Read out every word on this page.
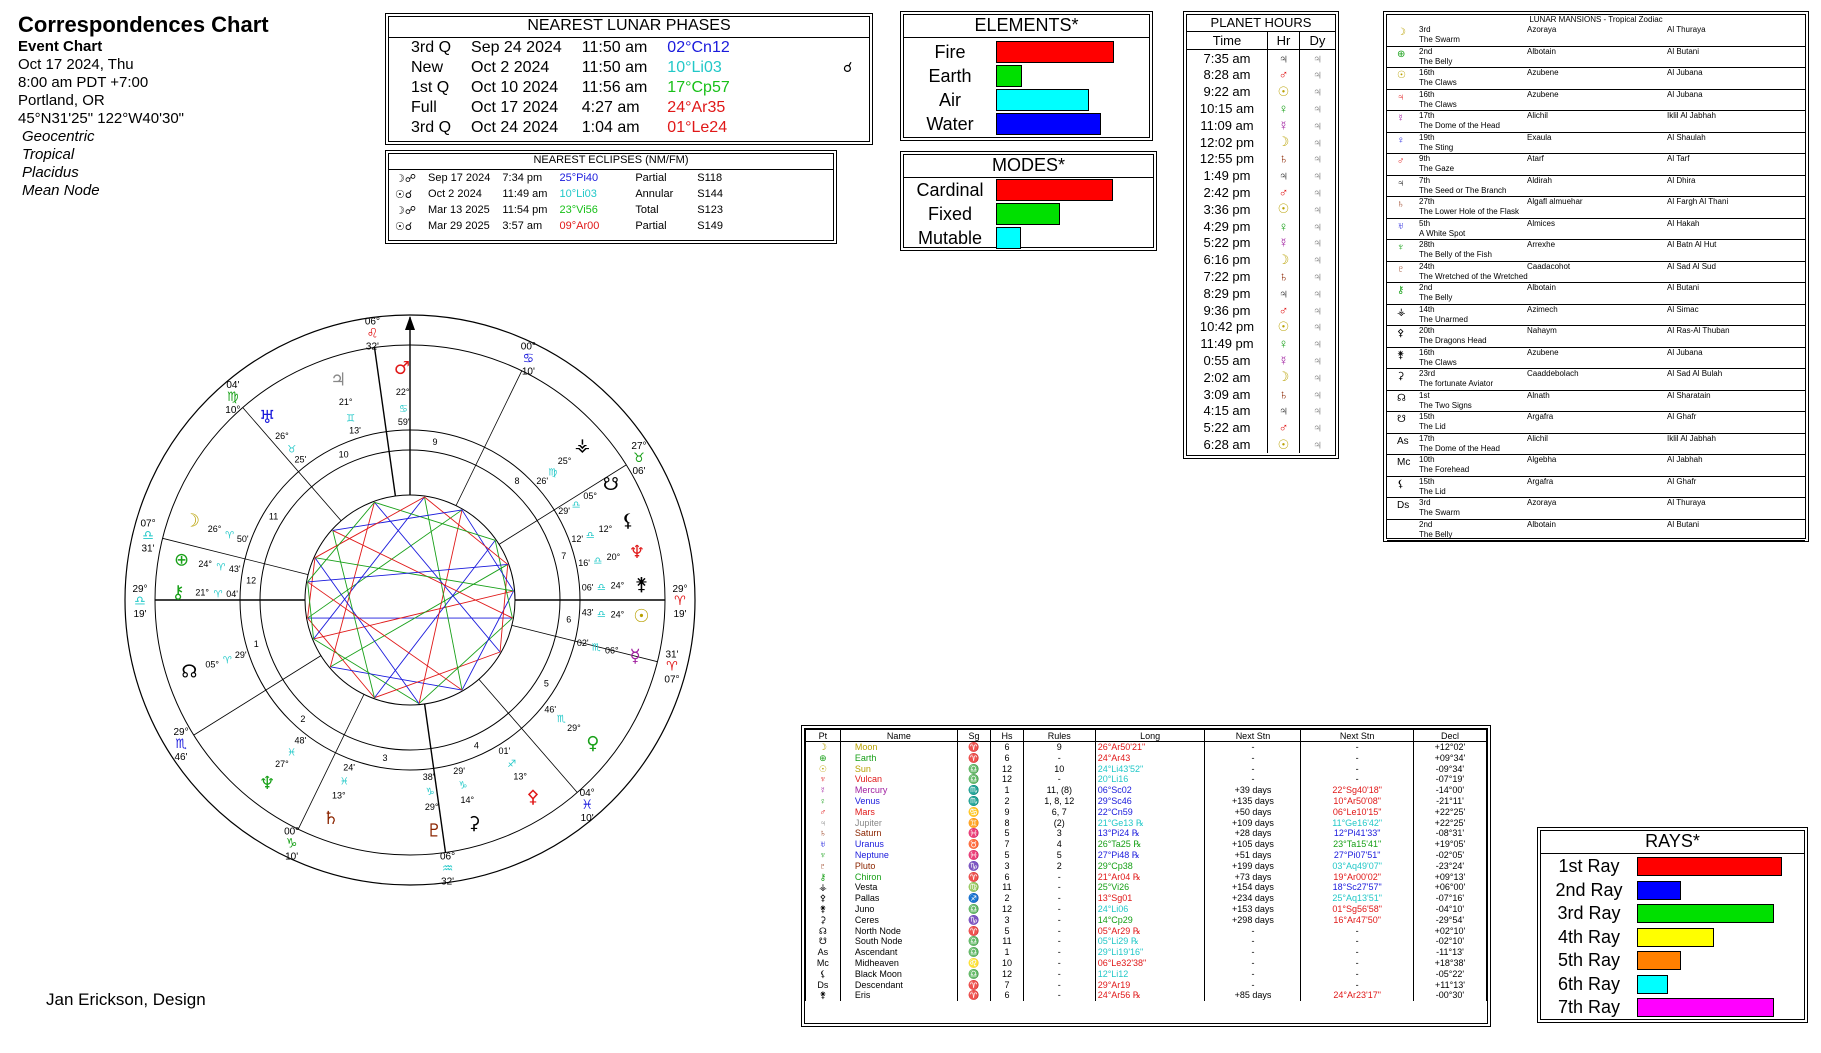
Correspondences Chart
Event Chart
Oct 17 2024, Thu
8:00 am PDT +7:00
Portland, OR
45°N31'25" 122°W40'30"
Geocentric
Tropical
Placidus
Mean Node
Jan Erickson, Design
NEAREST LUNAR PHASES
3rd Q	Sep 24 2024	11:50 am	02°Cn12
New	Oct 2 2024	11:50 am	10°Li03
1st Q	Oct 10 2024	11:56 am	17°Cp57
Full	Oct 17 2024	4:27 am	24°Ar35
3rd Q	Oct 24 2024	1:04 am	01°Le24
☌
NEAREST ECLIPSES (NM/FM)
☽☍	Sep 17 2024	7:34 pm	25°Pi40	Partial	S118
☉☌	Oct 2 2024	11:49 am	10°Li03	Annular	S144
☽☍	Mar 13 2025	11:54 pm	23°Vi56	Total	S123
☉☌	Mar 29 2025	3:57 am	09°Ar00	Partial	S149
ELEMENTS*
Fire
Earth
Air
Water
MODES*
Cardinal
Fixed
Mutable
PLANET HOURS
Time	Hr	Dy
7:35 am	♃	♃
8:28 am	♂	♃
9:22 am	☉	♃
10:15 am	♀	♃
11:09 am	☿	♃
12:02 pm	☽	♃
12:55 pm	♄	♃
1:49 pm	♃	♃
2:42 pm	♂	♃
3:36 pm	☉	♃
4:29 pm	♀	♃
5:22 pm	☿	♃
6:16 pm	☽	♃
7:22 pm	♄	♃
8:29 pm	♃	♃
9:36 pm	♂	♃
10:42 pm	☉	♃
11:49 pm	♀	♃
0:55 am	☿	♃
2:02 am	☽	♃
3:09 am	♄	♃
4:15 am	♃	♃
5:22 am	♂	♃
6:28 am	☉	♃
LUNAR MANSIONS - Tropical Zodiac
☽ 3rd	Azoraya	Al Thuraya
The Swarm
⊕ 2nd	Albotain	Al Butani
The Belly
☉ 16th	Azubene	Al Jubana
The Claws
♃ 16th	Azubene	Al Jubana
The Claws
☿ 17th	Alichil	Iklil Al Jabhah
The Dome of the Head
♀ 19th	Exaula	Al Shaulah
The Sting
♂ 9th	Atarf	Al Tarf
The Gaze
♃ 7th	Aldirah	Al Dhira
The Seed or The Branch
♄ 27th	Algafl almuehar	Al Fargh Al Thani
The Lower Hole of the Flask
♅ 5th	Almices	Al Hakah
A White Spot
♆ 28th	Arrexhe	Al Batn Al Hut
The Belly of the Fish
♇ 24th	Caadacohot	Al Sad Al Sud
The Wretched of the Wretched
⚷ 2nd	Albotain	Al Butani
The Belly
⚶ 14th	Azimech	Al Simac
The Unarmed
⚴ 20th	Nahaym	Al Ras-Al Thuban
The Dragons Head
⚵ 16th	Azubene	Al Jubana
The Claws
⚳ 23rd	Caaddebolach	Al Sad Al Bulah
The fortunate Aviator
☊ 1st	Alnath	Al Sharatain
The Two Signs
☋ 15th	Argafra	Al Ghafr
The Lid
As 17th	Alichil	Iklil Al Jabhah
The Dome of the Head
Mc 10th	Algebha	Al Jabhah
The Forehead
⚸ 15th	Argafra	Al Ghafr
The Lid
Ds 3rd	Azoraya	Al Thuraya
The Swarm
2nd	Albotain	Al Butani
The Belly
Pt	Name	Sg	Hs	Rules	Long	Next Stn	Next Stn	Decl
☽	Moon	♈	6	9	26°Ar50'21"	-	-	+12°02'
⊕	Earth	♈	6	-	24°Ar43	-	-	+09°34'
☉	Sun	♎	12	10	24°Li43'52"	-	-	-09°34'
♆	Vulcan	♎	12	-	20°Li16	-	-	-07°19'
☿	Mercury	♏	1	11, (8)	06°Sc02	+39 days	22°Sg40'18"	-14°00'
♀	Venus	♏	2	1, 8, 12	29°Sc46	+135 days	10°Ar50'08"	-21°11'
♂	Mars	♋	9	6, 7	22°Cn59	+50 days	06°Le10'15"	+22°25'
♃	Jupiter	♊	8	(2)	21°Ge13 ℞	+109 days	11°Ge16'42"	+22°25'
♄	Saturn	♓	5	3	13°Pi24 ℞	+28 days	12°Pi41'33"	-08°31'
♅	Uranus	♉	7	4	26°Ta25 ℞	+105 days	23°Ta15'41"	+19°05'
♆	Neptune	♓	5	5	27°Pi48 ℞	+51 days	27°Pi07'51"	-02°05'
♇	Pluto	♑	3	2	29°Cp38	+199 days	03°Aq49'07"	-23°24'
⚷	Chiron	♈	6	-	21°Ar04 ℞	+73 days	19°Ar00'02"	+09°13'
⚶	Vesta	♍	11	-	25°Vi26	+154 days	18°Sc27'57"	+06°00'
⚴	Pallas	♐	2	-	13°Sg01	+234 days	25°Aq13'51"	-07°16'
⚵	Juno	♎	12	-	24°Li06	+153 days	01°Sg56'58"	-04°10'
⚳	Ceres	♑	3	-	14°Cp29	+298 days	16°Ar47'50"	-29°54'
☊	North Node	♈	5	-	05°Ar29 ℞	-	-	+02°10'
☋	South Node	♎	11	-	05°Li29 ℞	-	-	-02°10'
As	Ascendant	♎	1	-	29°Li19'16"	-	-	-11°13'
Mc	Midheaven	♌	10	-	06°Le32'38"	-	-	+18°38'
⚸	Black Moon	♎	12	-	12°Li12	-	-	-05°22'
Ds	Descendant	♈	7	-	29°Ar19	-	-	+11°13'
⚵	Eris	♈	6	-	24°Ar56 ℞	+85 days	24°Ar23'17"	-00°30'
RAYS*
1st Ray
2nd Ray
3rd Ray
4th Ray
5th Ray
6th Ray
7th Ray
1
29°
♎
19'
2
29°
♏
46'	3
00°
♑
10'
4
06°
♒
32'
5
04°
♓
10'
6
31'
♈
07°
7
29°
♈
19'
8
27°
♉
06'
9
00°
♋
10'
10
06°
♌
32'
11
04'
♍
10°
12
07°
♎
31'
♂
22°
♋
59'
♃
21°
♊
13'
♅
26°
♉
25'
☽ 26°
♈ 50'
⊕ 24° ♈ 43'
⚷ 21° ♈ 04'
☊ 05° ♈
29'
♆
27°
♓
48'
♄
13°
♓
24'
♇
29°
♑
38'
⚳
14°
♑
29'
⚴
13°
♐
01'	♀
29°
♏
46'
☿
06°
♏
02'
☉
24°
♎
43'
⚵
24°
♎
06'
♆
20°
♎
16'
⚸
12°
♎
12'
☋
05°
♎
29'
⚶
25°
♍
26'
